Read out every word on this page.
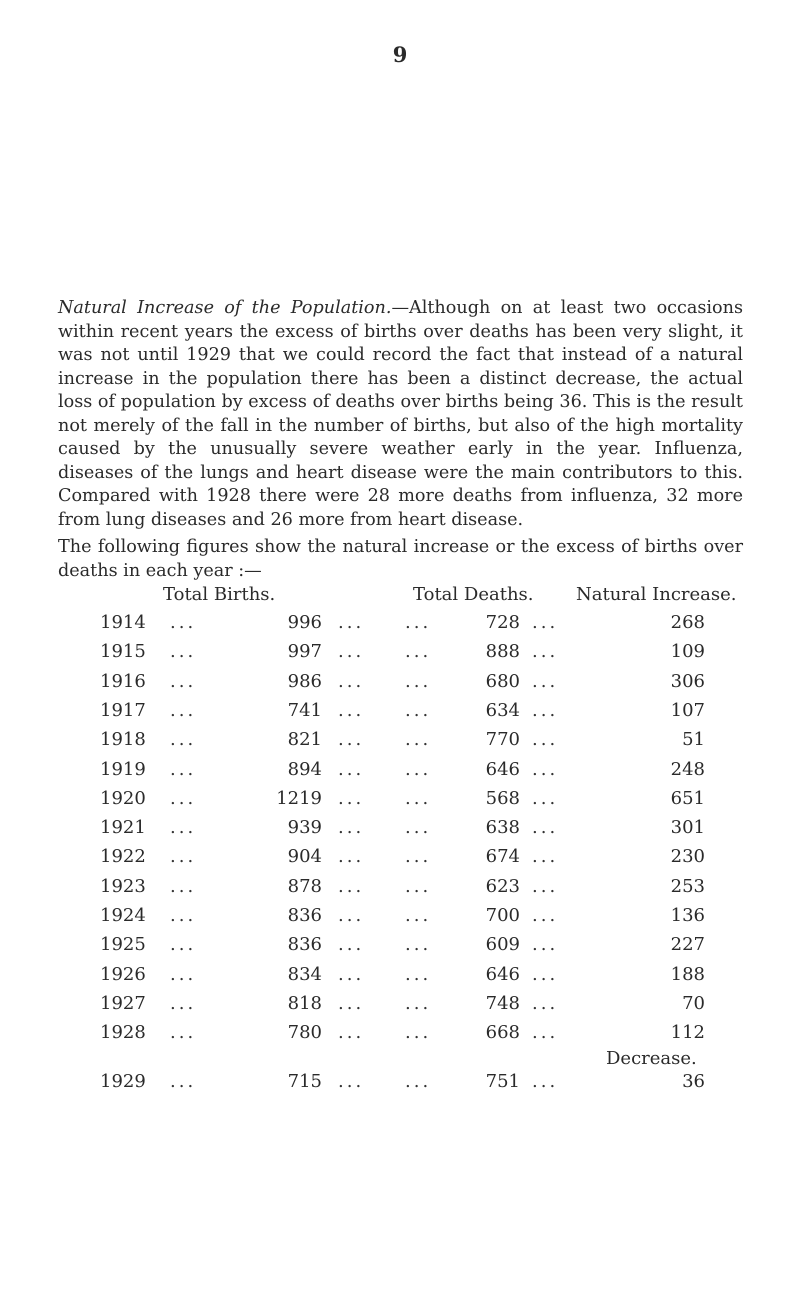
9

Natural Increase of the Population.—Although on at least two occasions within recent years the excess of births over deaths has been very slight, it was not until 1929 that we could record the fact that instead of a natural increase in the population there has been a distinct decrease, the actual loss of population by excess of deaths over births being 36. This is the result not merely of the fall in the number of births, but also of the high mortality caused by the unusually severe weather early in the year. Influenza, diseases of the lungs and heart disease were the main contributors to this. Compared with 1928 there were 28 more deaths from influenza, 32 more from lung diseases and 26 more from heart disease.

The following figures show the natural increase or the excess of births over deaths in each year :—

Total Births.	Total Deaths. Natural Increase.
1914 ...	996 ... ...	728 ...	268
1915 ...	997 ... ...	888 ...	109
1916 ...	986 ... ...	680 ...	306
1917 ...	741 ... ...	634 ...	107
1918 ...	821 ... ...	770 ...	51
1919 ...	894 ... ...	646 ...	248
1920 ...	1219 ... ...	568 ...	651
1921 ...	939 ... ...	638 ...	301
1922 ...	904 ... ...	674 ...	230
1923 ...	878 ... ...	623 ...	253
1924 ...	836 ... ...	700 ...	136
1925 ...	836 ... ...	609 ...	227
1926 ...	834 ... ...	646 ...	188
1927 ...	818 ... ...	748 ...	70
1928 ...	780 ... ...	668 ...	112
Decrease.
1929 ...	715 ... ...	751 ...	36
